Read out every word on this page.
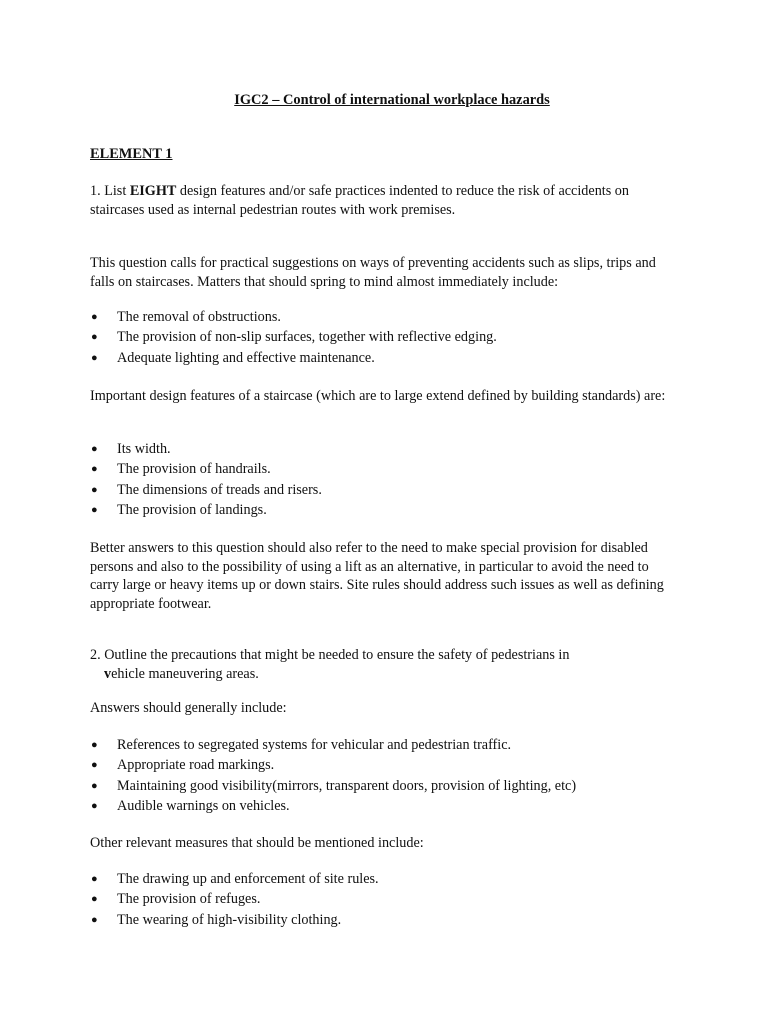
IGC2 – Control of international workplace hazards
ELEMENT 1

1. List EIGHT design features and/or safe practices indented to reduce the risk of accidents on staircases used as internal pedestrian routes with work premises.

This question calls for practical suggestions on ways of preventing accidents such as slips, trips and falls on staircases. Matters that should spring to mind almost immediately include:

● The removal of obstructions.
● The provision of non-slip surfaces, together with reflective edging.
● Adequate lighting and effective maintenance.

Important design features of a staircase (which are to large extend defined by building standards) are:

● Its width.
● The provision of handrails.
● The dimensions of treads and risers.
● The provision of landings.

Better answers to this question should also refer to the need to make special provision for disabled persons and also to the possibility of using a lift as an alternative, in particular to avoid the need to carry large or heavy items up or down stairs. Site rules should address such issues as well as defining appropriate footwear.

2. Outline the precautions that might be needed to ensure the safety of pedestrians in

vehicle maneuvering areas.

Answers should generally include:

● References to segregated systems for vehicular and pedestrian traffic.
● Appropriate road markings.
● Maintaining good visibility(mirrors, transparent doors, provision of lighting, etc)
● Audible warnings on vehicles.

Other relevant measures that should be mentioned include:

● The drawing up and enforcement of site rules.
● The provision of refuges.
● The wearing of high-visibility clothing.
